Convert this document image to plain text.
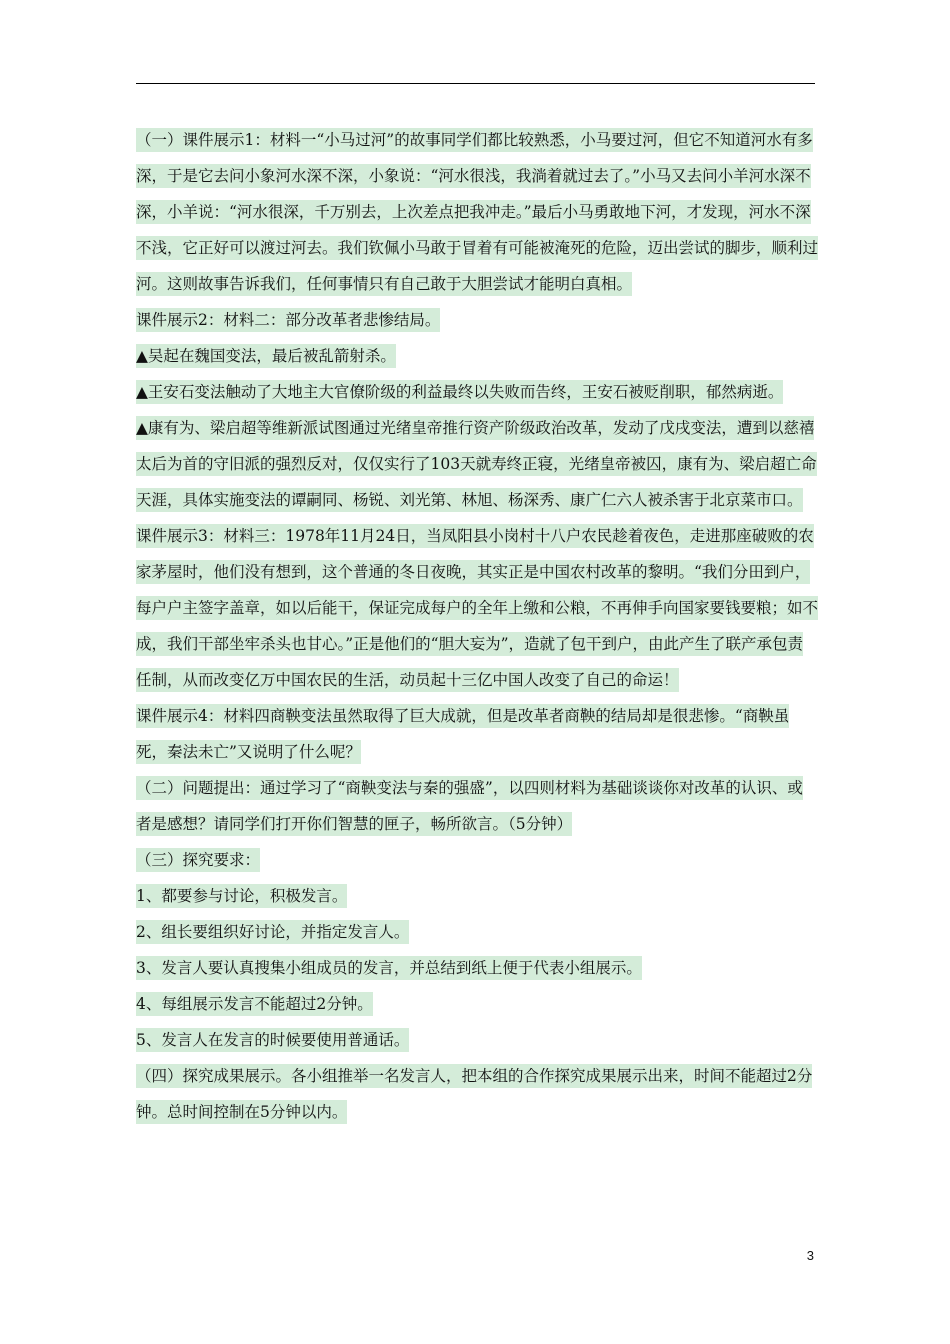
（一）课件展示1：材料一“小马过河”的故事同学们都比较熟悉，小马要过河，但它不知道河水有多深，于是它去问小象河水深不深，小象说：“河水很浅，我淌着就过去了。”小马又去问小羊河水深不深，小羊说：“河水很深，千万别去，上次差点把我冲走。”最后小马勇敢地下河，才发现，河水不深不浅，它正好可以渡过河去。我们钦佩小马敢于冒着有可能被淹死的危险，迈出尝试的脚步，顺利过河。这则故事告诉我们，任何事情只有自己敢于大胆尝试才能明白真相。

课件展示2：材料二：部分改革者悲惨结局。

▲吴起在魏国变法，最后被乱箭射杀。

▲王安石变法触动了大地主大官僚阶级的利益最终以失败而告终，王安石被贬削职，郁然病逝。

▲康有为、梁启超等维新派试图通过光绪皇帝推行资产阶级政治改革，发动了戊戌变法，遭到以慈禧太后为首的守旧派的强烈反对，仅仅实行了103天就寿终正寝，光绪皇帝被囚，康有为、梁启超亡命天涯，具体实施变法的谭嗣同、杨锐、刘光第、林旭、杨深秀、康广仁六人被杀害于北京菜市口。

课件展示3：材料三：1978年11月24日，当凤阳县小岗村十八户农民趁着夜色，走进那座破败的农家茅屋时，他们没有想到，这个普通的冬日夜晚，其实正是中国农村改革的黎明。“我们分田到户，每户户主签字盖章，如以后能干，保证完成每户的全年上缴和公粮，不再伸手向国家要钱要粮；如不成，我们干部坐牢杀头也甘心。”正是他们的“胆大妄为”，造就了包干到户，由此产生了联产承包责任制，从而改变亿万中国农民的生活，动员起十三亿中国人改变了自己的命运！

课件展示4：材料四商鞅变法虽然取得了巨大成就，但是改革者商鞅的结局却是很悲惨。“商鞅虽死，秦法未亡”又说明了什么呢？

（二）问题提出：通过学习了“商鞅变法与秦的强盛”，以四则材料为基础谈谈你对改革的认识、或者是感想？请同学们打开你们智慧的匣子，畅所欲言。（5分钟）

（三）探究要求：

1、都要参与讨论，积极发言。

2、组长要组织好讨论，并指定发言人。

3、发言人要认真搜集小组成员的发言，并总结到纸上便于代表小组展示。

4、每组展示发言不能超过2分钟。

5、发言人在发言的时候要使用普通话。

（四）探究成果展示。各小组推举一名发言人，把本组的合作探究成果展示出来，时间不能超过2分钟。总时间控制在5分钟以内。

3
